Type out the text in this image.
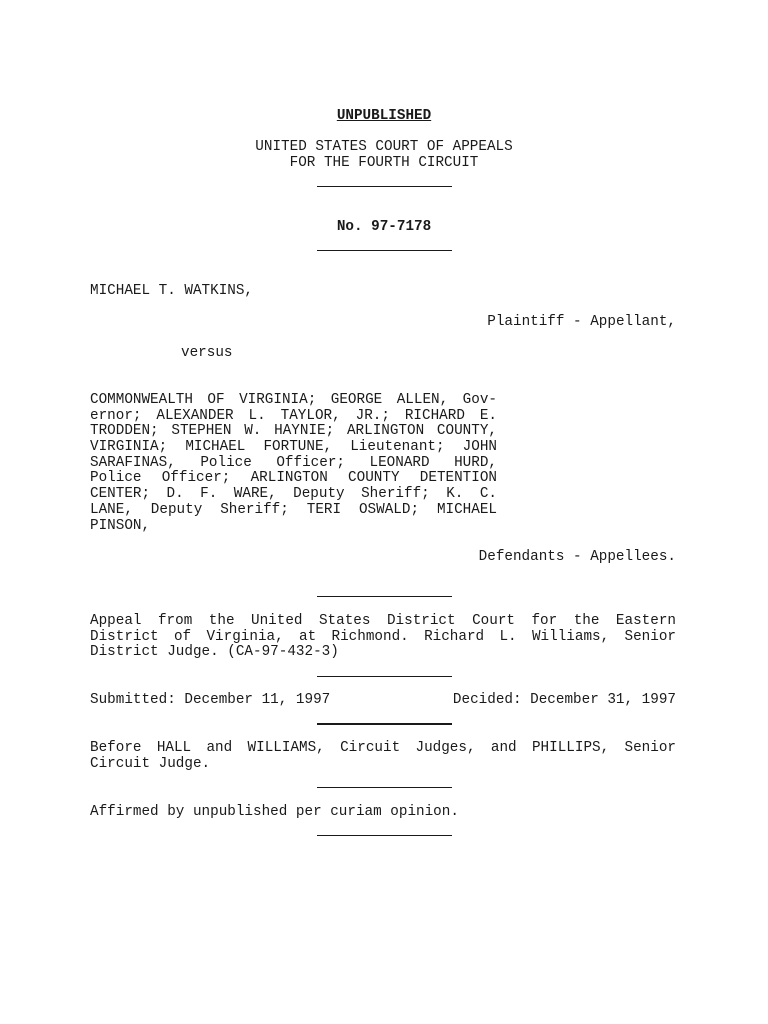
UNPUBLISHED
UNITED STATES COURT OF APPEALS
FOR THE FOURTH CIRCUIT
No. 97-7178
MICHAEL T. WATKINS,
Plaintiff - Appellant,
versus
COMMONWEALTH OF VIRGINIA; GEORGE ALLEN, Gov-
ernor; ALEXANDER L. TAYLOR, JR.; RICHARD E.
TRODDEN; STEPHEN W. HAYNIE; ARLINGTON COUNTY,
VIRGINIA; MICHAEL FORTUNE, Lieutenant; JOHN
SARAFINAS, Police Officer; LEONARD HURD,
Police Officer; ARLINGTON COUNTY DETENTION
CENTER; D. F. WARE, Deputy Sheriff; K. C.
LANE, Deputy Sheriff; TERI OSWALD; MICHAEL
PINSON,
Defendants - Appellees.
Appeal from the United States District Court for the Eastern
District of Virginia, at Richmond. Richard L. Williams, Senior
District Judge. (CA-97-432-3)
Submitted: December 11, 1997	Decided: December 31, 1997
Before HALL and WILLIAMS, Circuit Judges, and PHILLIPS, Senior
Circuit Judge.
Affirmed by unpublished per curiam opinion.
